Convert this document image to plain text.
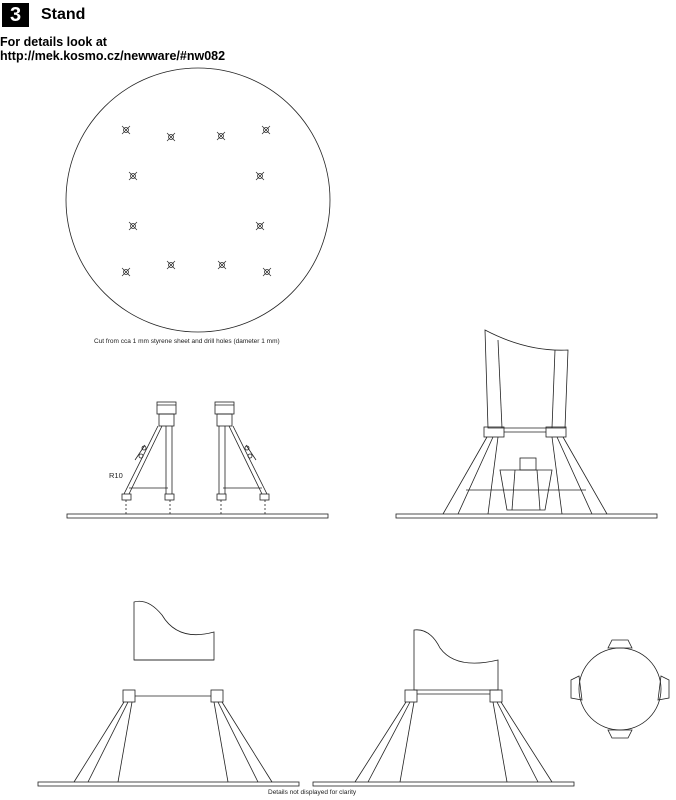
3	Stand
For details look at
http://mek.kosmo.cz/newware/#nw082
R10
Cut from cca 1 mm styrene sheet and drill holes (dameter 1 mm)
Details not displayed for clarity
